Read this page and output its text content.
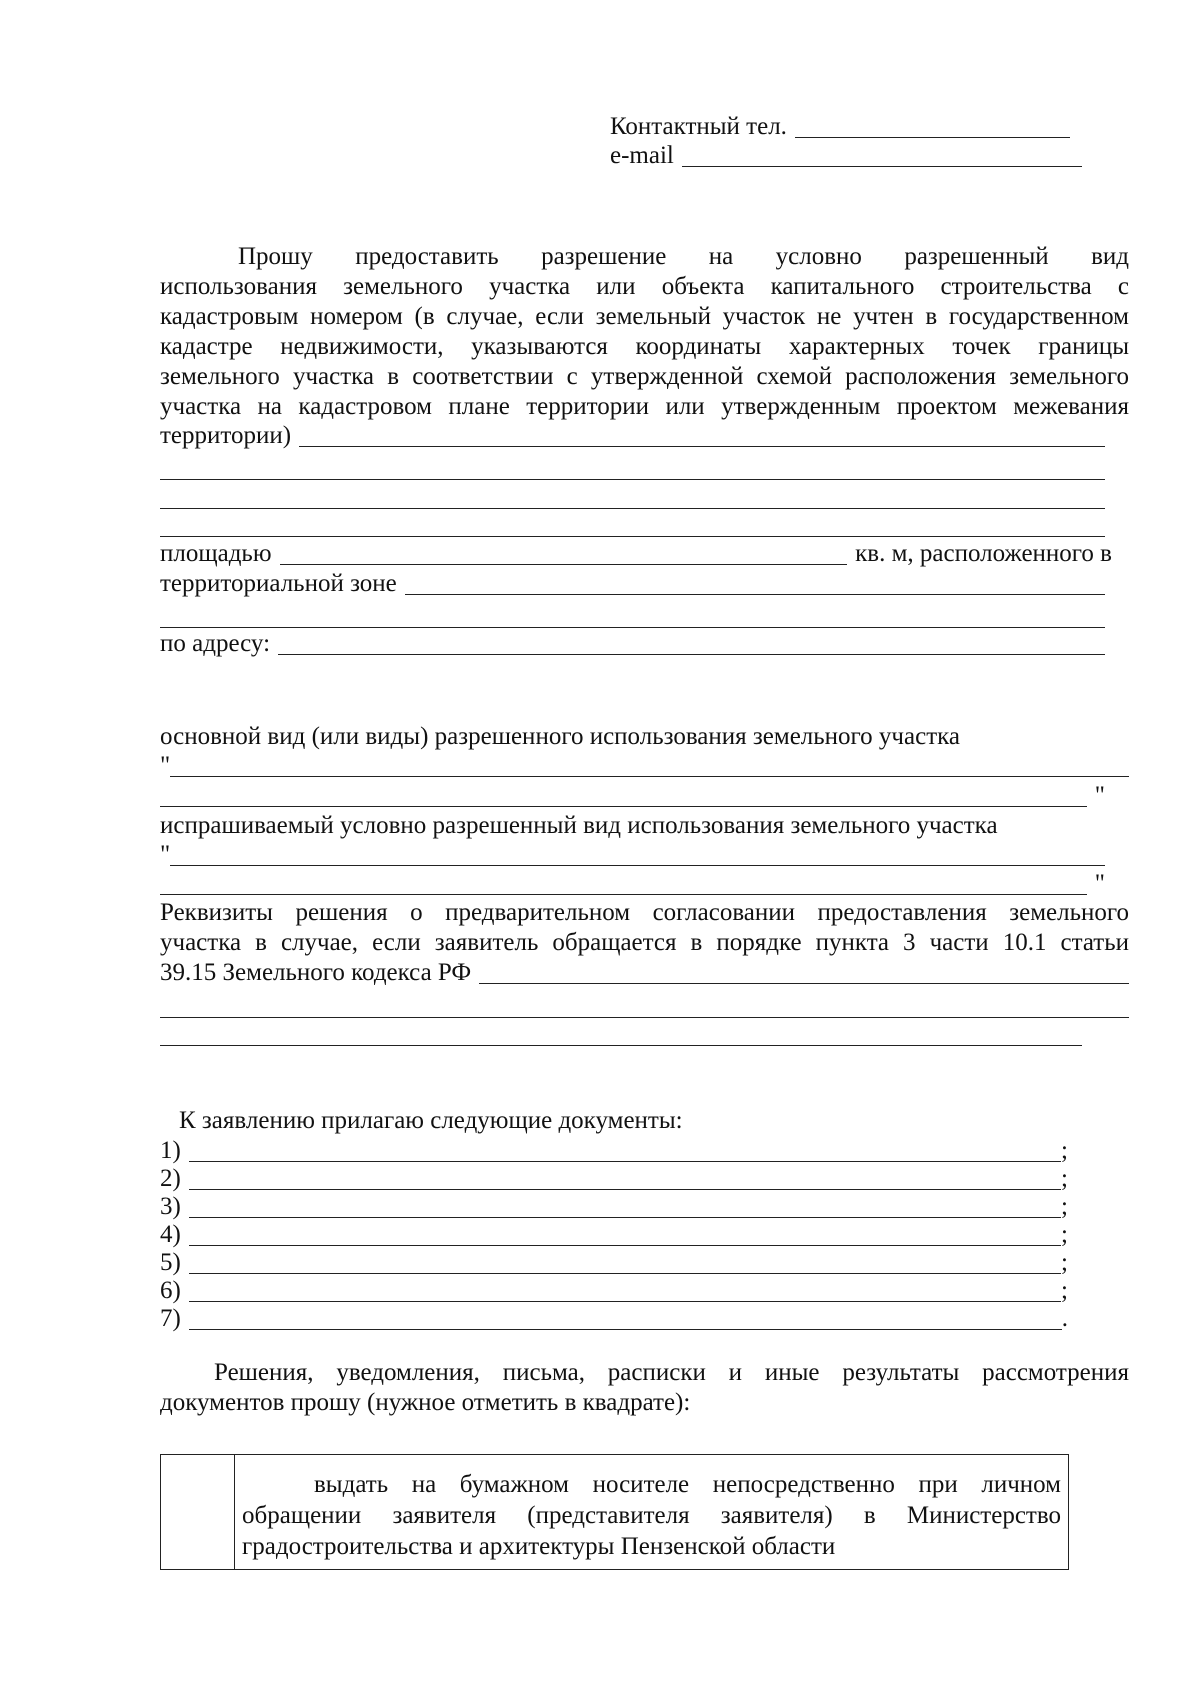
Контактный тел.
e-mail
Прошу предоставить разрешение на условно разрешенный вид
использования земельного участка или объекта капитального строительства с
кадастровым номером (в случае, если земельный участок не учтен в государственном
кадастре недвижимости, указываются координаты характерных точек границы
земельного участка в соответствии с утвержденной схемой расположения земельного
участка на кадастровом плане территории или утвержденным проектом межевания
территории)
площадью	кв. м, расположенного в
территориальной зоне
по адресу:
основной вид (или виды) разрешенного использования земельного участка
"
"
испрашиваемый условно разрешенный вид использования земельного участка
"
"
Реквизиты решения о предварительном согласовании предоставления земельного
участка в случае, если заявитель обращается в порядке пункта 3 части 10.1 статьи
39.15 Земельного кодекса РФ
К заявлению прилагаю следующие документы:
1)	;
2)	;
3)	;
4)	;
5)	;
6)	;
7)	.
Решения, уведомления, письма, расписки и иные результаты рассмотрения
документов прошу (нужное отметить в квадрате):
выдать на бумажном носителе непосредственно при личном
обращении заявителя (представителя заявителя) в Министерство
градостроительства и архитектуры Пензенской области
